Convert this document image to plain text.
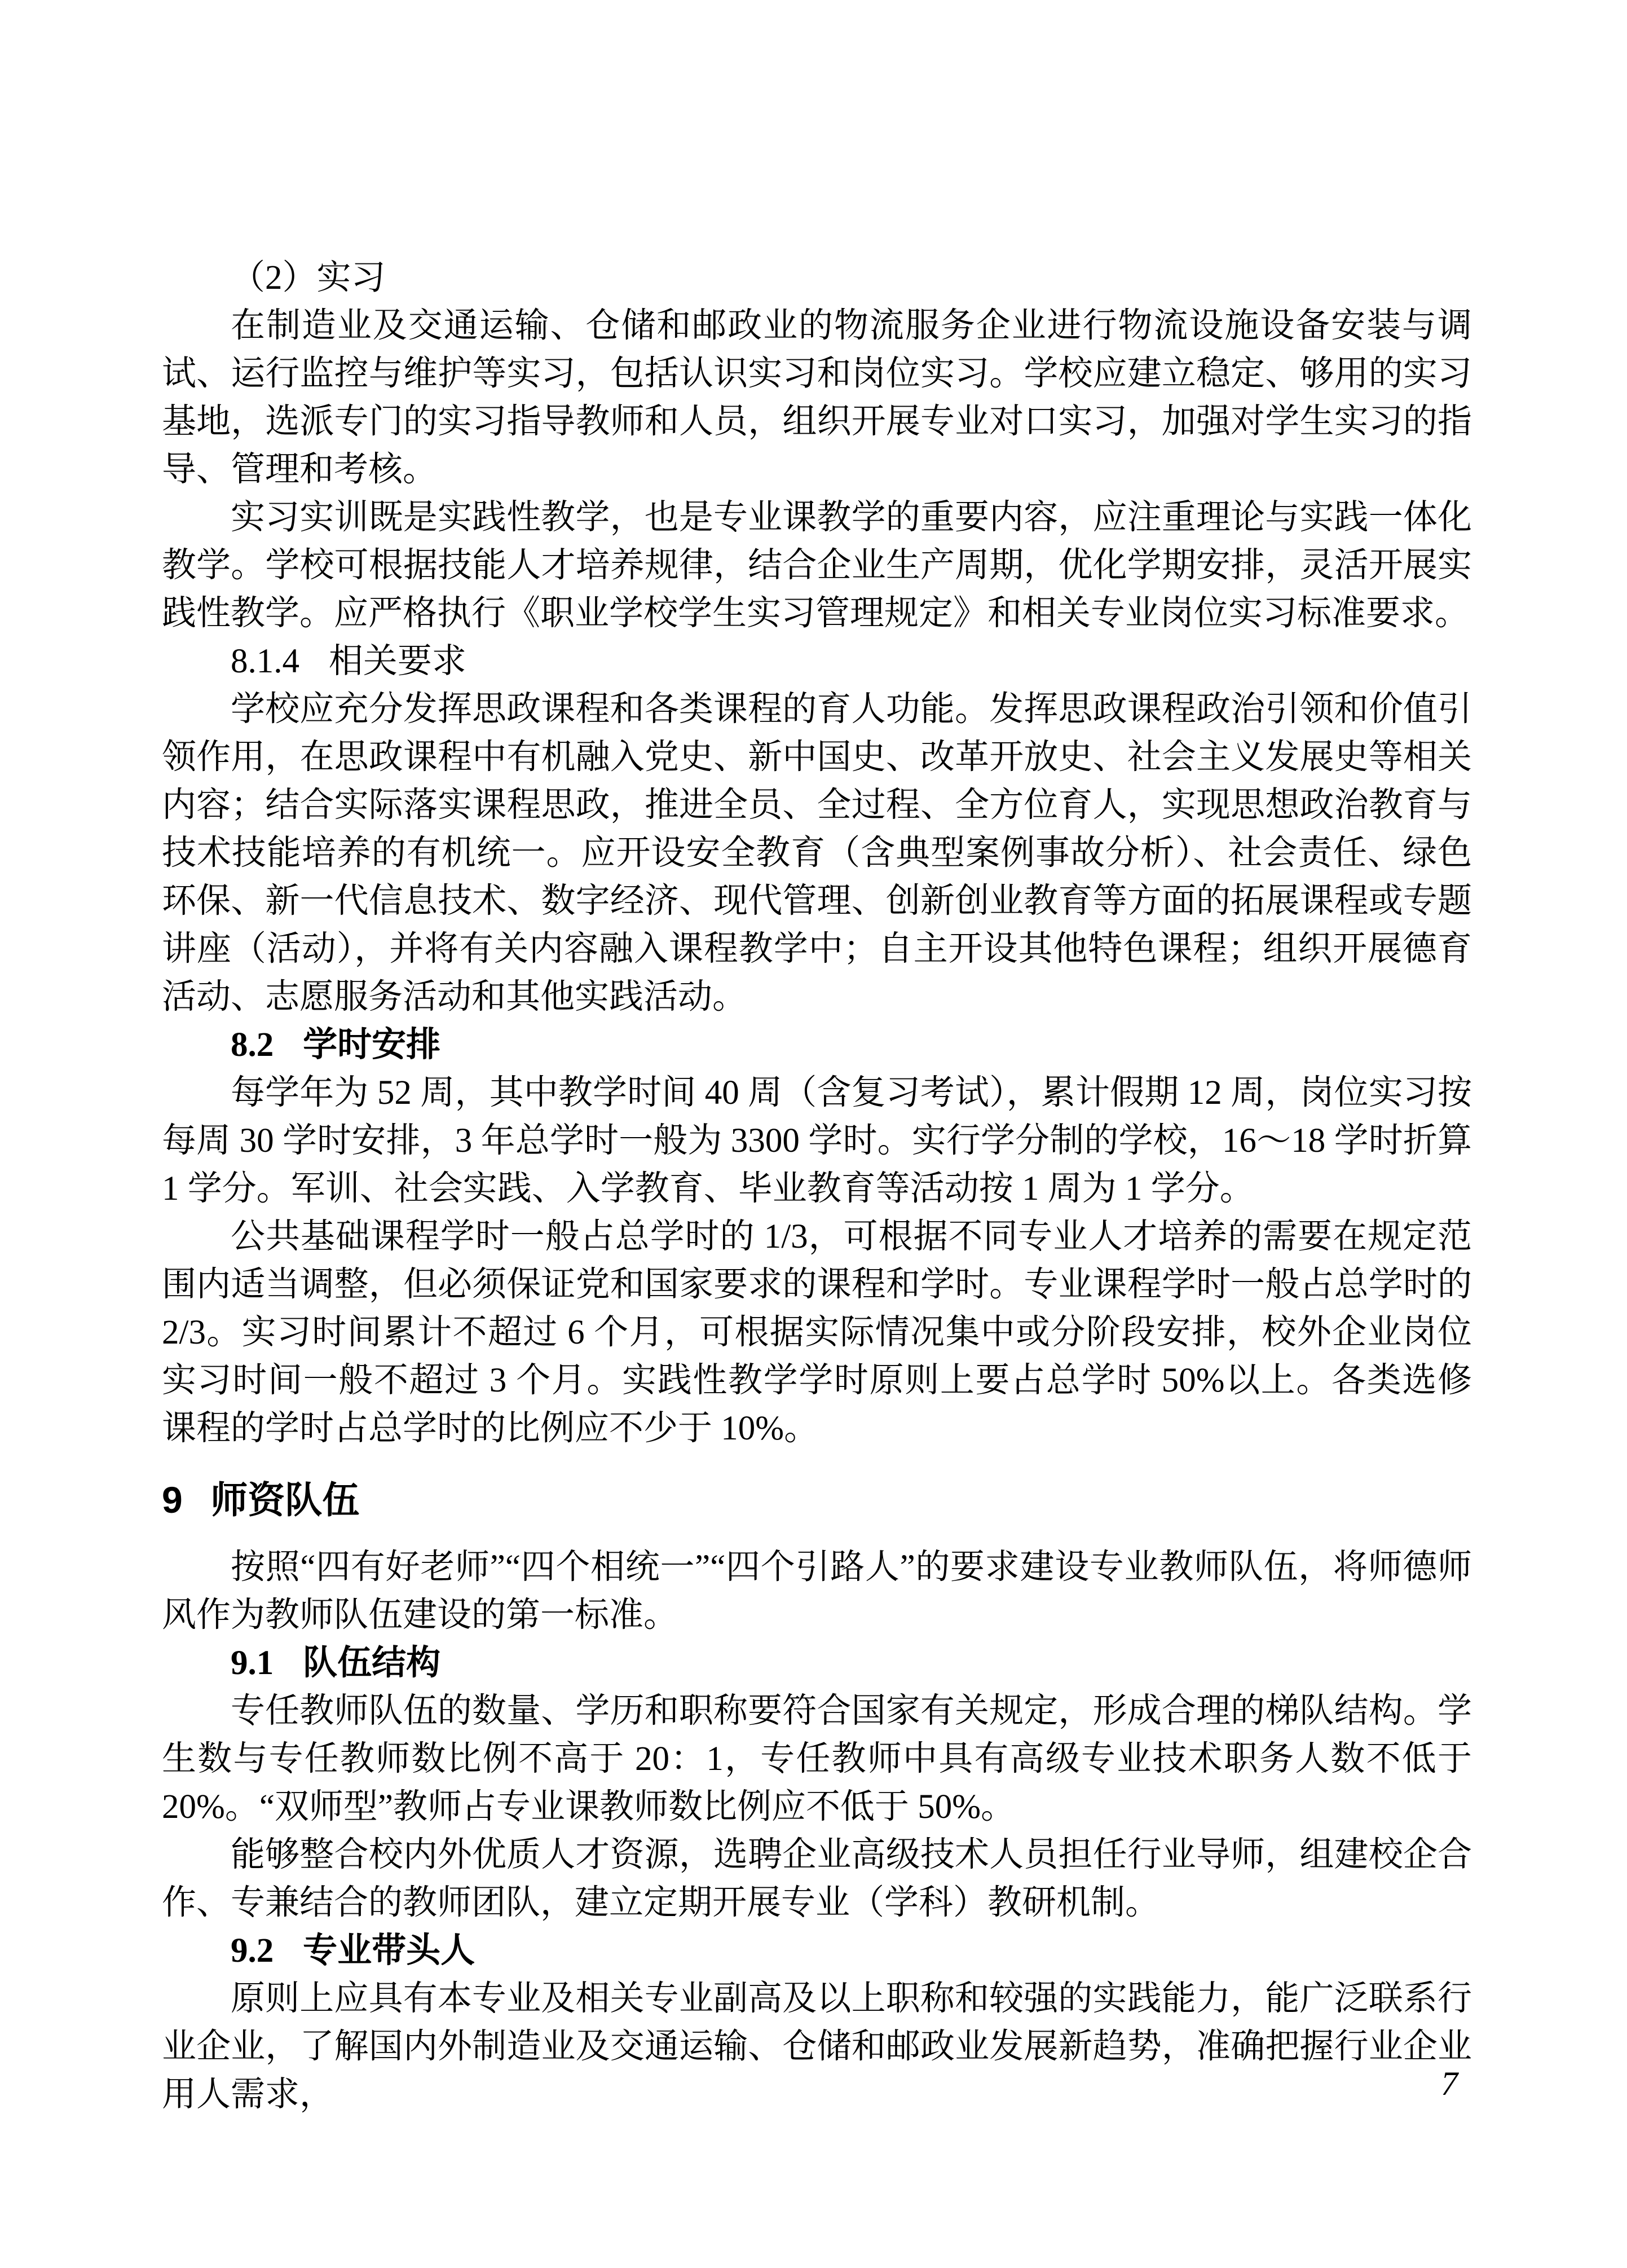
（2）实习

在制造业及交通运输、仓储和邮政业的物流服务企业进行物流设施设备安装与调试、运行监控与维护等实习，包括认识实习和岗位实习。学校应建立稳定、够用的实习基地，选派专门的实习指导教师和人员，组织开展专业对口实习，加强对学生实习的指导、管理和考核。

实习实训既是实践性教学，也是专业课教学的重要内容，应注重理论与实践一体化教学。学校可根据技能人才培养规律，结合企业生产周期，优化学期安排，灵活开展实践性教学。应严格执行《职业学校学生实习管理规定》和相关专业岗位实习标准要求。

8.1.4 相关要求

学校应充分发挥思政课程和各类课程的育人功能。发挥思政课程政治引领和价值引领作用，在思政课程中有机融入党史、新中国史、改革开放史、社会主义发展史等相关内容；结合实际落实课程思政，推进全员、全过程、全方位育人，实现思想政治教育与技术技能培养的有机统一。应开设安全教育（含典型案例事故分析）、社会责任、绿色环保、新一代信息技术、数字经济、现代管理、创新创业教育等方面的拓展课程或专题讲座（活动），并将有关内容融入课程教学中；自主开设其他特色课程；组织开展德育活动、志愿服务活动和其他实践活动。

8.2 学时安排

每学年为 52 周，其中教学时间 40 周（含复习考试），累计假期 12 周，岗位实习按每周 30 学时安排，3 年总学时一般为 3300 学时。实行学分制的学校，16～18 学时折算 1 学分。军训、社会实践、入学教育、毕业教育等活动按 1 周为 1 学分。

公共基础课程学时一般占总学时的 1/3，可根据不同专业人才培养的需要在规定范围内适当调整，但必须保证党和国家要求的课程和学时。专业课程学时一般占总学时的 2/3。实习时间累计不超过 6 个月，可根据实际情况集中或分阶段安排，校外企业岗位实习时间一般不超过 3 个月。实践性教学学时原则上要占总学时 50%以上。各类选修课程的学时占总学时的比例应不少于 10%。

9 师资队伍

按照“四有好老师”“四个相统一”“四个引路人”的要求建设专业教师队伍，将师德师风作为教师队伍建设的第一标准。

9.1 队伍结构

专任教师队伍的数量、学历和职称要符合国家有关规定，形成合理的梯队结构。学生数与专任教师数比例不高于 20：1，专任教师中具有高级专业技术职务人数不低于 20%。“双师型”教师占专业课教师数比例应不低于 50%。

能够整合校内外优质人才资源，选聘企业高级技术人员担任行业导师，组建校企合作、专兼结合的教师团队，建立定期开展专业（学科）教研机制。

9.2 专业带头人

原则上应具有本专业及相关专业副高及以上职称和较强的实践能力，能广泛联系行业企业，了解国内外制造业及交通运输、仓储和邮政业发展新趋势，准确把握行业企业用人需求，	7
